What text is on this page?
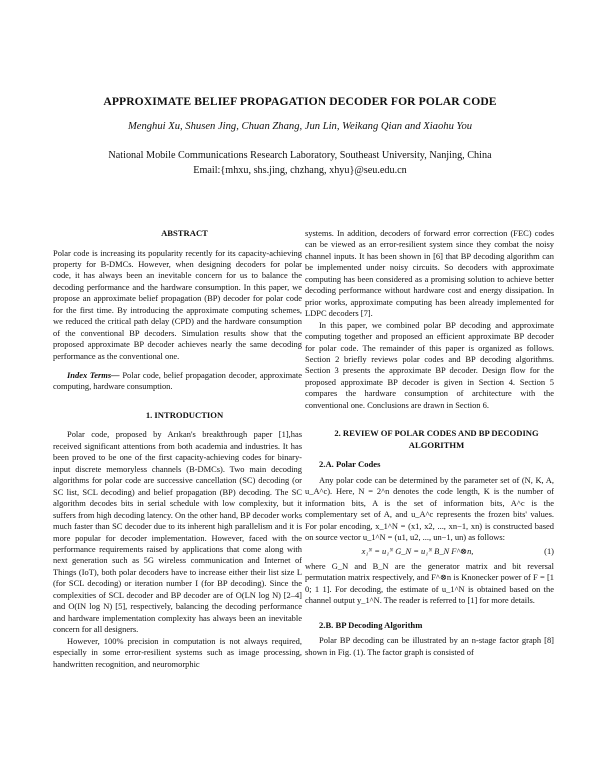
APPROXIMATE BELIEF PROPAGATION DECODER FOR POLAR CODE
Menghui Xu, Shusen Jing, Chuan Zhang, Jun Lin, Weikang Qian and Xiaohu You
National Mobile Communications Research Laboratory, Southeast University, Nanjing, China
Email:{mhxu, shs.jing, chzhang, xhyu}@seu.edu.cn

ABSTRACT

Polar code is increasing its popularity recently for its capacity-achieving property for B-DMCs. However, when designing decoders for polar code, it has always been an inevitable concern for us to balance the decoding performance and the hardware consumption. In this paper, we propose an approximate belief propagation (BP) decoder for polar code for the first time. By introducing the approximate computing schemes, we reduced the critical path delay (CPD) and the hardware consumption of the conventional BP decoders. Simulation results show that the proposed approximate BP decoder achieves nearly the same decoding performance as the conventional one.

Index Terms— Polar code, belief propagation decoder, approximate computing, hardware consumption.

1. INTRODUCTION

Polar code, proposed by Arıkan's breakthrough paper [1],has received significant attentions from both academia and industries. It has been proved to be one of the first capacity-achieving codes for binary-input discrete memoryless channels (B-DMCs). Two main decoding algorithms for polar code are successive cancellation (SC) decoding (or SC list, SCL decoding) and belief propagation (BP) decoding. The SC algorithm decodes bits in serial schedule with low complexity, but it suffers from high decoding latency. On the other hand, BP decoder works much faster than SC decoder due to its inherent high parallelism and it is more popular for decoder implementation. However, faced with the performance requirements raised by applications that come along with next generation such as 5G wireless communication and Internet of Things (IoT), both polar decoders have to increase either their list size L (for SCL decoding) or iteration number I (for BP decoding). Since the complexities of SCL decoder and BP decoder are of O(LN log N) [2–4] and O(IN log N) [5], respectively, balancing the decoding performance and hardware implementation complexity has always been an inevitable concern for all designers.

However, 100% precision in computation is not always required, especially in some error-resilient systems such as image processing, handwritten recognition, and neuromorphic

systems. In addition, decoders of forward error correction (FEC) codes can be viewed as an error-resilient system since they combat the noisy channel inputs. It has been shown in [6] that BP decoding algorithm can be implemented under noisy circuits. So decoders with approximate computing has been considered as a promising solution to achieve better decoding performance without hardware cost and energy dissipation. In prior works, approximate computing has been already implemented for LDPC decoders [7].

In this paper, we combined polar BP decoding and approximate computing together and proposed an efficient approximate BP decoder for polar code. The remainder of this paper is organized as follows. Section 2 briefly reviews polar codes and BP decoding algorithms. Section 3 presents the approximate BP decoder. Design flow for the proposed approximate BP decoder is given in Section 4. Section 5 compares the hardware consumption of architecture with the conventional one. Conclusions are drawn in Section 6.

2. REVIEW OF POLAR CODES AND BP DECODING

ALGORITHM

2.A. Polar Codes

Any polar code can be determined by the parameter set of (N, K, A, u_A^c). Here, N = 2^n denotes the code length, K is the number of information bits, A is the set of information bits, A^c is the complementary set of A, and u_A^c represents the frozen bits' values. For polar encoding, x_1^N = (x1, x2, ..., xn−1, xn) is constructed based on source vector u_1^N = (u1, u2, ..., un−1, un) as follows:

x₁ᴺ = u₁ᴺ G_N = u₁ᴺ B_N F^⊗n,	(1)

where G_N and B_N are the generator matrix and bit reversal permutation matrix respectively, and F^⊗n is Knonecker power of F = [1 0; 1 1]. For decoding, the estimate of u_1^N is obtained based on the channel output y_1^N. The reader is referred to [1] for more details.

2.B. BP Decoding Algorithm

Polar BP decoding can be illustrated by an n-stage factor graph [8] shown in Fig. (1). The factor graph is consisted of
